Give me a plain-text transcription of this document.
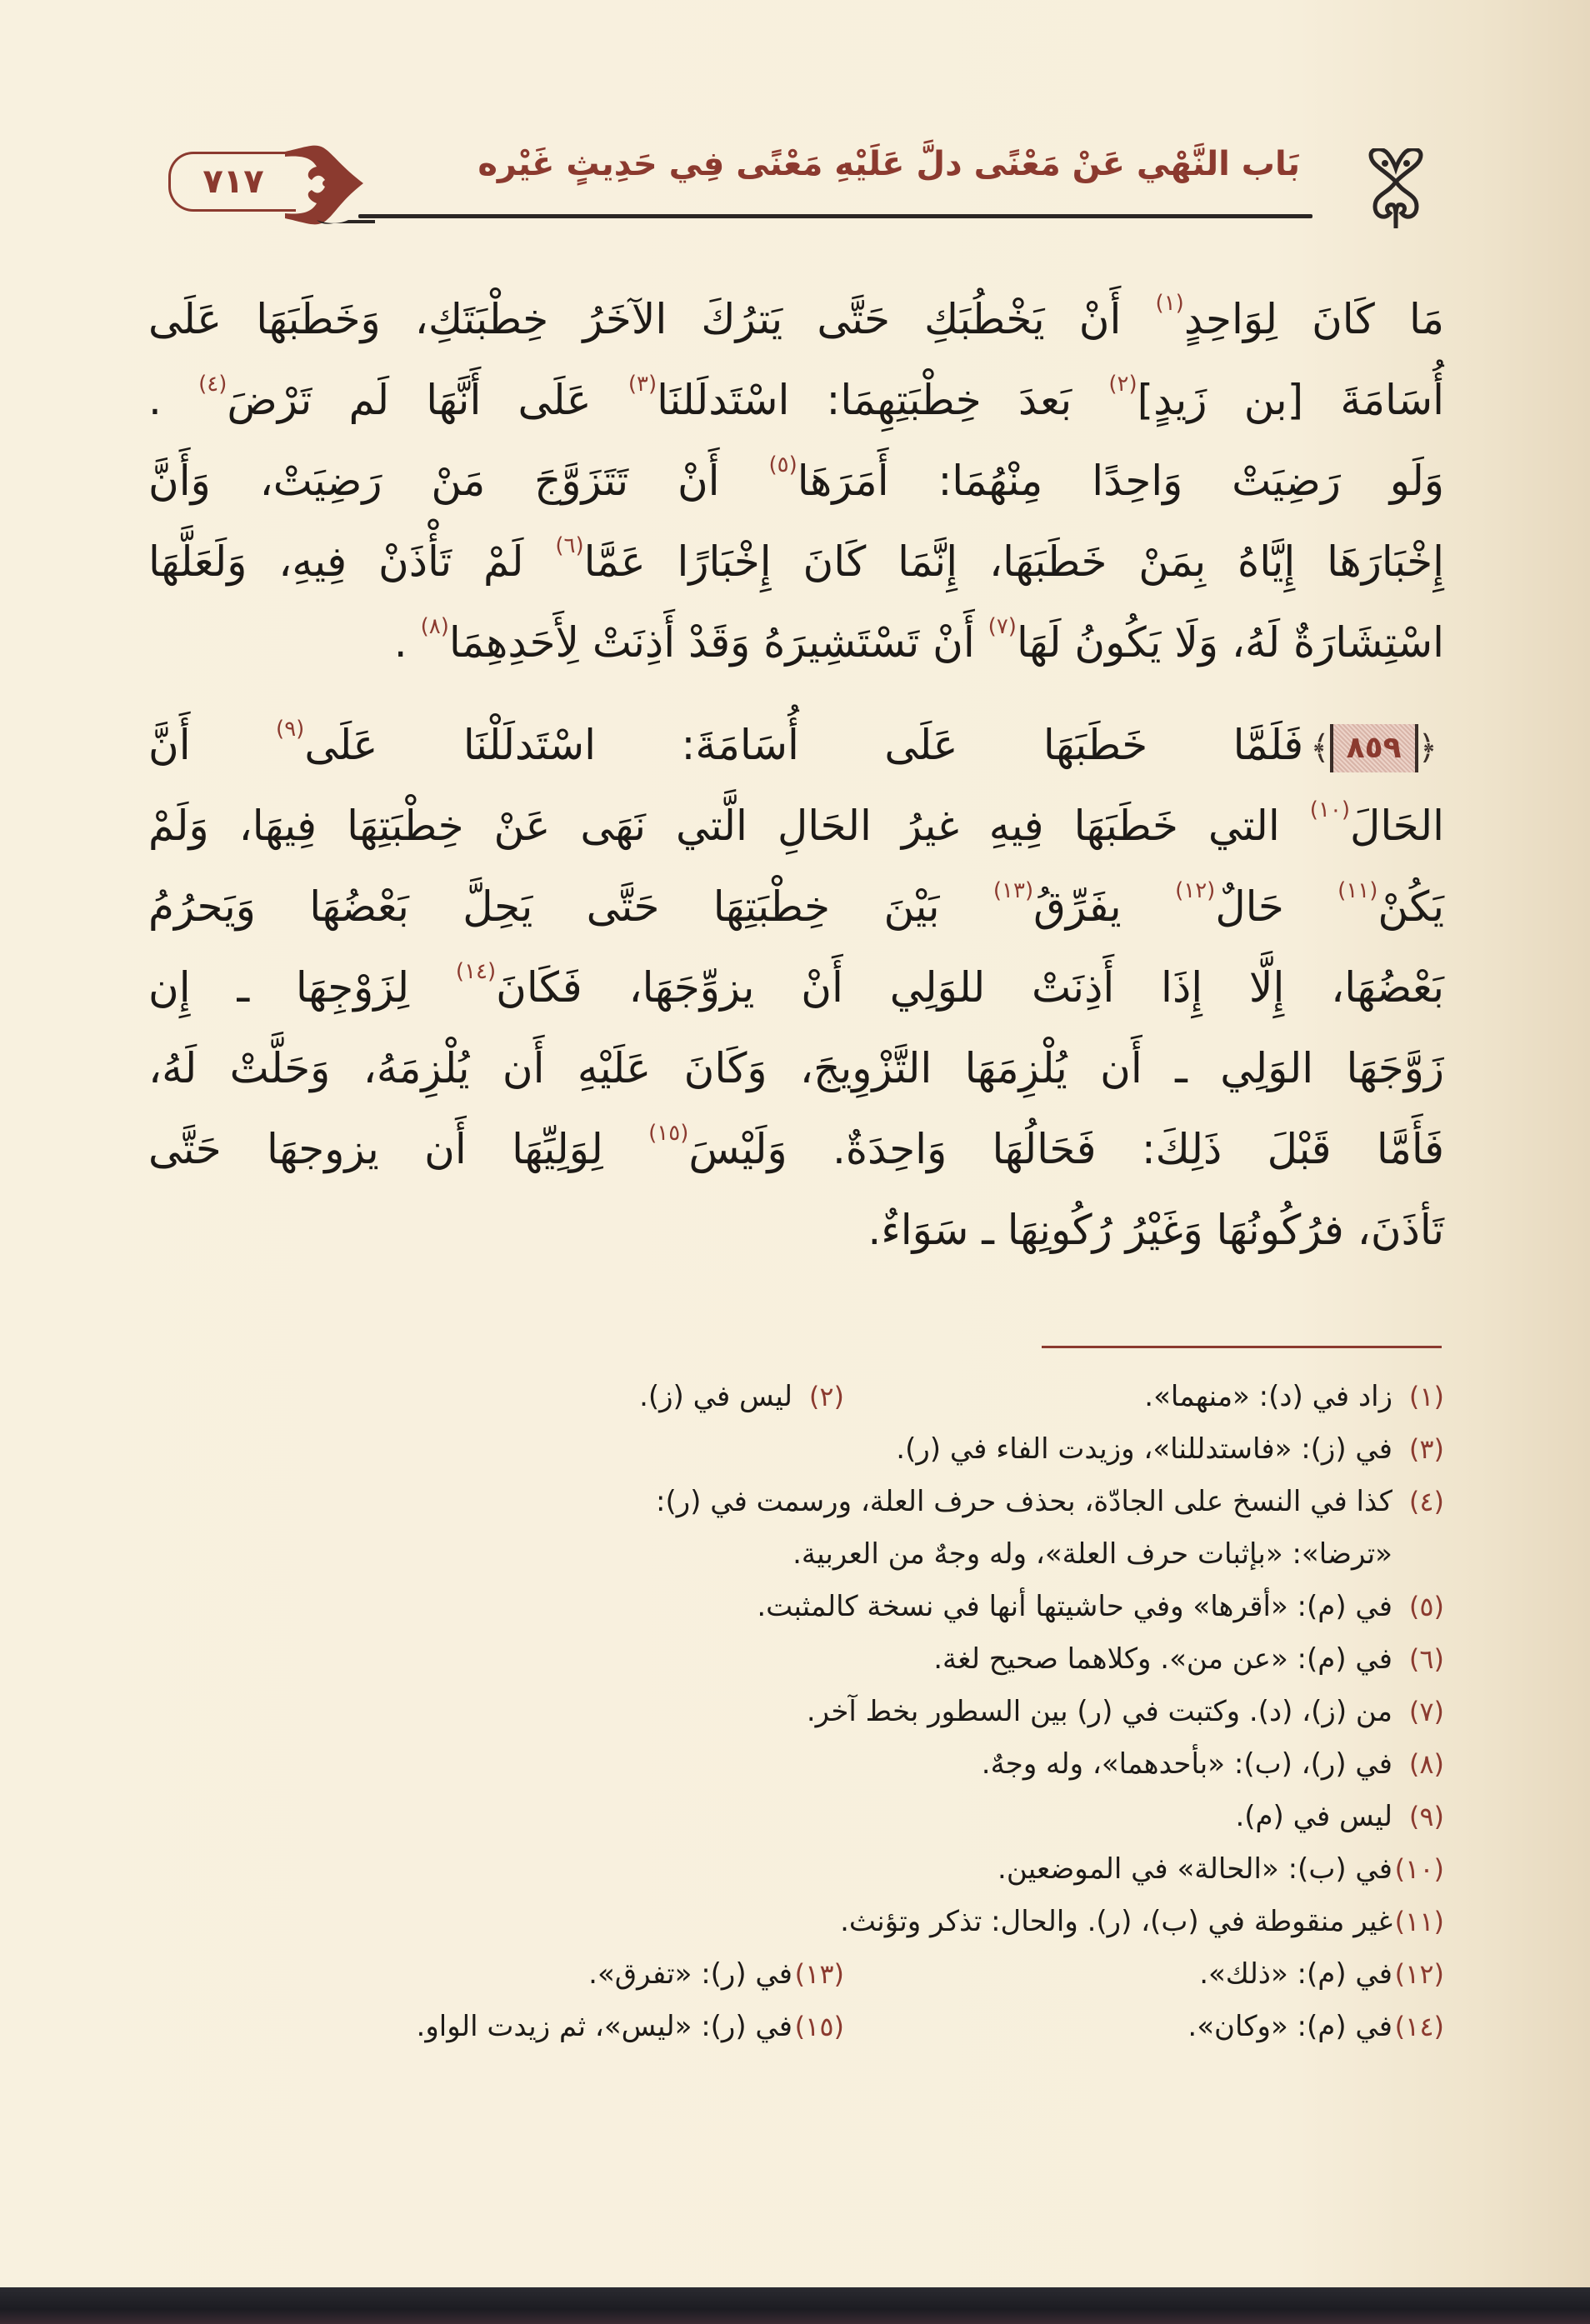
٧١٧	بَاب النَّهْي عَنْ مَعْنًى دلَّ عَلَيْهِ مَعْنًى فِي حَدِيثٍ غَيْره
مَا كَانَ لِوَاحِدٍ$^{(١)}$ أَنْ يَخْطُبَكِ حَتَّى يَترُكَ الآخَرُ خِطْبَتَكِ، وَخَطَبَهَا عَلَى
أُسَامَةَ [بن زَيدٍ]$^{(٢)}$ بَعدَ خِطْبَتِهِمَا: اسْتَدلَلنَا$^{(٣)}$ عَلَى أَنَّهَا لَم تَرْضَ$^{(٤)}$ .
وَلَو رَضِيَتْ وَاحِدًا مِنْهُمَا: أَمَرَهَا$^{(٥)}$ أَنْ تَتَزَوَّجَ مَنْ رَضِيَتْ، وَأَنَّ
إِخْبَارَهَا إِيَّاهُ بِمَنْ خَطَبَهَا، إِنَّمَا كَانَ إِخْبَارًا عَمَّا$^{(٦)}$ لَمْ تَأْذَنْ فِيهِ، وَلَعَلَّهَا
اسْتِشَارَةٌ لَهُ، وَلَا يَكُونُ لَهَا$^{(٧)}$ أَنْ تَسْتَشِيرَهُ وَقَدْ أَذِنَتْ لِأَحَدِهِمَا$^{(٨)}$ .
﴿
٨٥٩
﴾
فَلَمَّا خَطَبَهَا عَلَى أُسَامَةَ: اسْتَدلَلْنَا عَلَى$^{(٩)}$ أَنَّ
الحَالَ$^{(١٠)}$ التي خَطَبَهَا فِيهِ غيرُ الحَالِ الَّتي نَهَى عَنْ خِطْبَتِهَا فِيهَا، وَلَمْ
يَكُنْ$^{(١١)}$ حَالٌ$^{(١٢)}$ يفَرِّقُ$^{(١٣)}$ بَيْنَ خِطْبَتِهَا حَتَّى يَحِلَّ بَعْضُهَا وَيَحرُمُ
بَعْضُهَا، إِلَّا إِذَا أَذِنَتْ للوَلِي أَنْ يزوِّجَهَا، فَكَانَ$^{(١٤)}$ لِزَوْجِهَا ـ إِن
زَوَّجَهَا الوَلِي ـ أَن يُلْزِمَهَا التَّزْوِيجَ، وَكَانَ عَلَيْهِ أَن يُلْزِمَهُ، وَحَلَّتْ لَهُ،
فَأَمَّا قَبْلَ ذَلِكَ: فَحَالُهَا وَاحِدَةٌ. وَلَيْسَ$^{(١٥)}$ لِوَلِيِّهَا أَن يزوجهَا حَتَّى
تَأذَنَ، فرُكُونُهَا وَغَيْرُ رُكُونِهَا ـ سَوَاءٌ.
(١)
زاد في (د): «منهما».
(٢)
ليس في (ز).
(٣)
في (ز): «فاستدللنا»، وزيدت الفاء في (ر).
(٤)
كذا في النسخ على الجادّة، بحذف حرف العلة، ورسمت في (ر):
«ترضا»: «بإثبات حرف العلة»، وله وجهٌ من العربية.
(٥)
في (م): «أقرها» وفي حاشيتها أنها في نسخة كالمثبت.
(٦)
في (م): «عن من». وكلاهما صحيح لغة.
(٧)
من (ز)، (د). وكتبت في (ر) بين السطور بخط آخر.
(٨)
في (ر)، (ب): «بأحدهما»، وله وجهٌ.
(٩)
ليس في (م).
(١٠)
في (ب): «الحالة» في الموضعين.
(١١)
غير منقوطة في (ب)، (ر). والحال: تذكر وتؤنث.
(١٢)
في (م): «ذلك».
(١٣)
في (ر): «تفرق».
(١٤)
في (م): «وكان».
(١٥)
في (ر): «ليس»، ثم زيدت الواو.
